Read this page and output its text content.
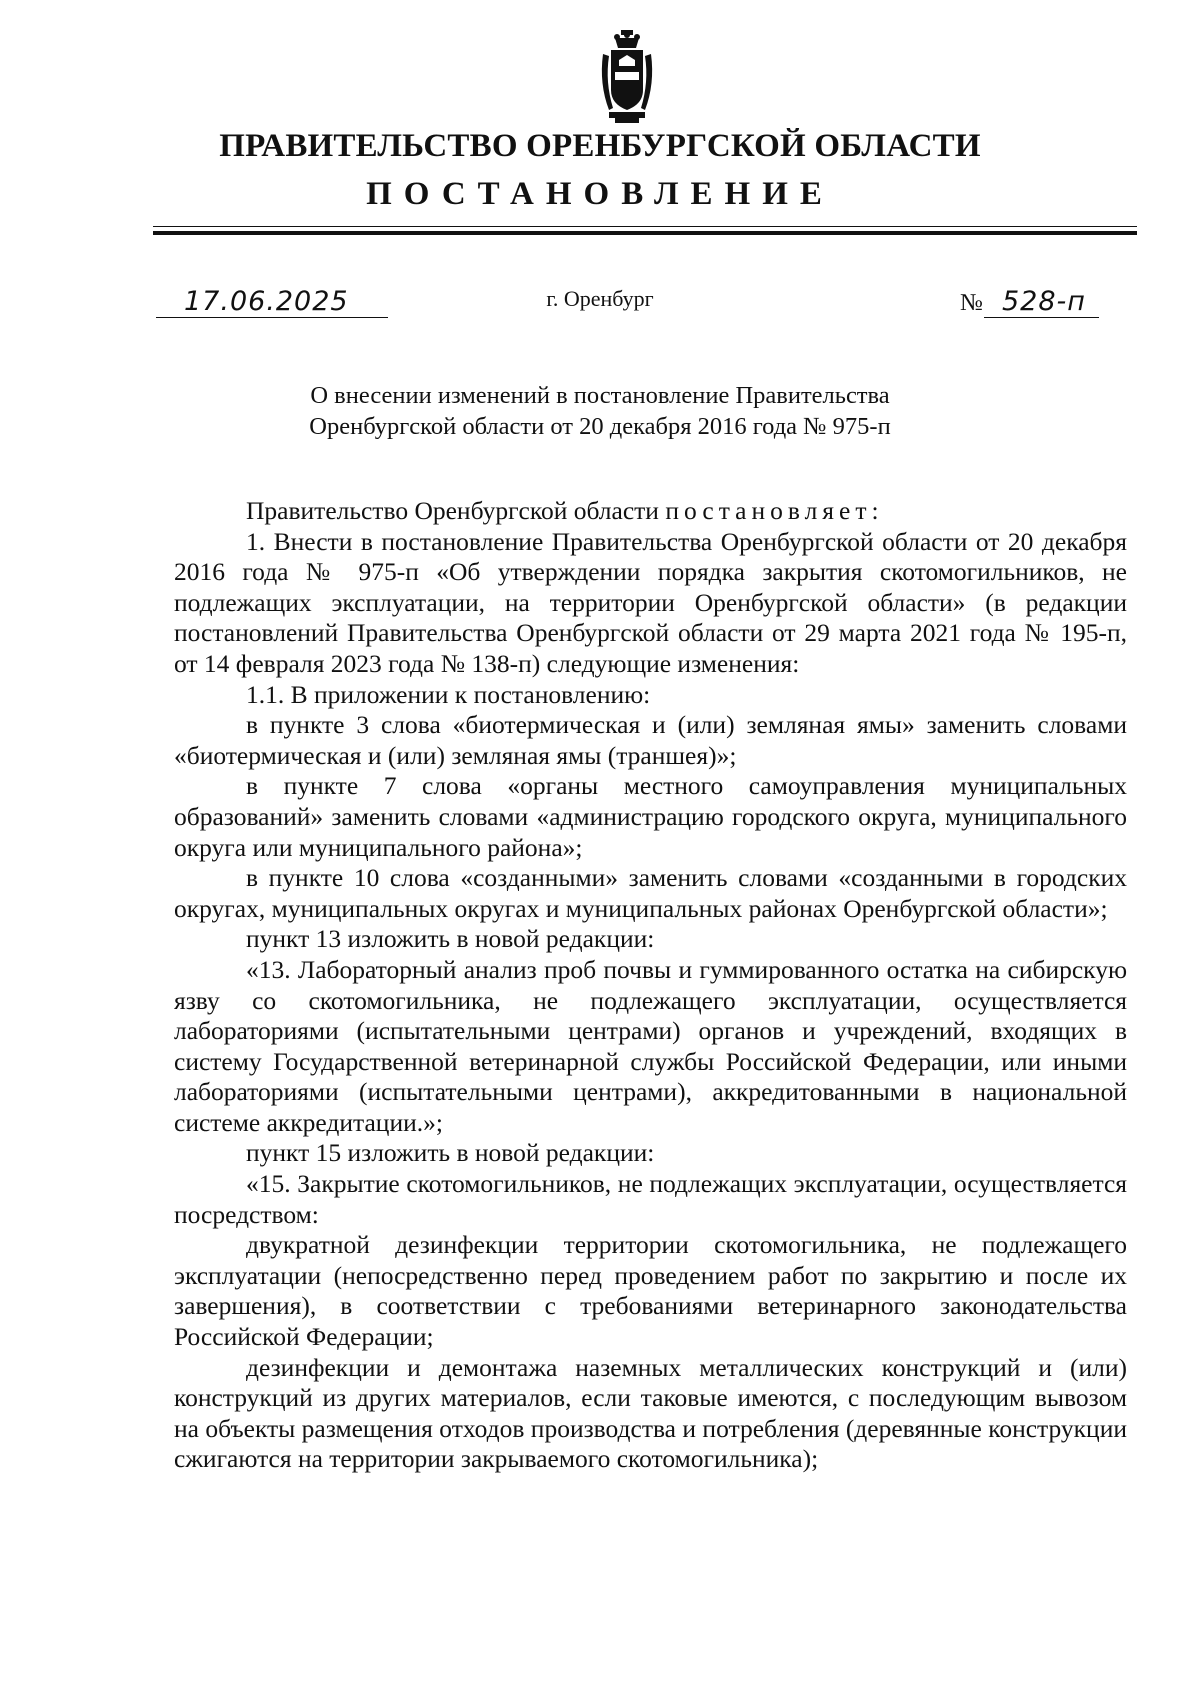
ПРАВИТЕЛЬСТВО ОРЕНБУРГСКОЙ ОБЛАСТИ
ПОСТАНОВЛЕНИЕ
17.06.2025	г. Оренбург	№ 528-п
О внесении изменений в постановление Правительства
Оренбургской области от 20 декабря 2016 года № 975-п

Правительство Оренбургской области постановляет:

1. Внести в постановление Правительства Оренбургской области от 20 декабря 2016 года № 975-п «Об утверждении порядка закрытия скотомогильников, не подлежащих эксплуатации, на территории Оренбургской области» (в редакции постановлений Правительства Оренбургской области от 29 марта 2021 года № 195-п, от 14 февраля 2023 года № 138-п) следующие изменения:

1.1. В приложении к постановлению:

в пункте 3 слова «биотермическая и (или) земляная ямы» заменить словами «биотермическая и (или) земляная ямы (траншея)»;

в пункте 7 слова «органы местного самоуправления муниципальных образований» заменить словами «администрацию городского округа, муниципального округа или муниципального района»;

в пункте 10 слова «созданными» заменить словами «созданными в городских округах, муниципальных округах и муниципальных районах Оренбургской области»;

пункт 13 изложить в новой редакции:

«13. Лабораторный анализ проб почвы и гуммированного остатка на сибирскую язву со скотомогильника, не подлежащего эксплуатации, осуществляется лабораториями (испытательными центрами) органов и учреждений, входящих в систему Государственной ветеринарной службы Российской Федерации, или иными лабораториями (испытательными центрами), аккредитованными в национальной системе аккредитации.»;

пункт 15 изложить в новой редакции:

«15. Закрытие скотомогильников, не подлежащих эксплуатации, осуществляется посредством:

двукратной дезинфекции территории скотомогильника, не подлежащего эксплуатации (непосредственно перед проведением работ по закрытию и после их завершения), в соответствии с требованиями ветеринарного законодательства Российской Федерации;

дезинфекции и демонтажа наземных металлических конструкций и (или) конструкций из других материалов, если таковые имеются, с последующим вывозом на объекты размещения отходов производства и потребления (деревянные конструкции сжигаются на территории закрываемого скотомогильника);
